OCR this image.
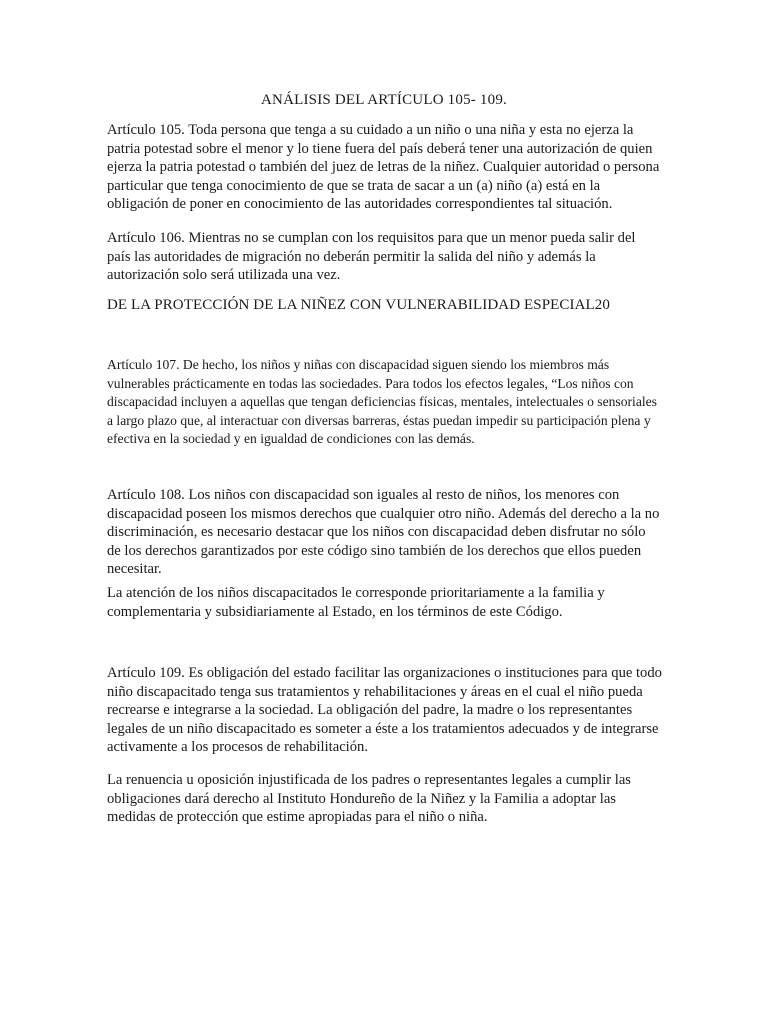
ANÁLISIS DEL ARTÍCULO 105- 109.

Artículo 105. Toda persona que tenga a su cuidado a un niño o una niña y esta no ejerza la patria potestad sobre el menor y lo tiene fuera del país deberá tener una autorización de quien ejerza la patria potestad o también del juez de letras de la niñez. Cualquier autoridad o persona particular que tenga conocimiento de que se trata de sacar a un (a) niño (a) está en la obligación de poner en conocimiento de las autoridades correspondientes tal situación.

Artículo 106. Mientras no se cumplan con los requisitos para que un menor pueda salir del país las autoridades de migración no deberán permitir la salida del niño y además la autorización solo será utilizada una vez.

DE LA PROTECCIÓN DE LA NIÑEZ CON VULNERABILIDAD ESPECIAL20

Artículo 107. De hecho, los niños y niñas con discapacidad siguen siendo los miembros más vulnerables prácticamente en todas las sociedades. Para todos los efectos legales, “Los niños con discapacidad incluyen a aquellas que tengan deficiencias físicas, mentales, intelectuales o sensoriales a largo plazo que, al interactuar con diversas barreras, éstas puedan impedir su participación plena y efectiva en la sociedad y en igualdad de condiciones con las demás.

Artículo 108. Los niños con discapacidad son iguales al resto de niños, los menores con discapacidad poseen los mismos derechos que cualquier otro niño. Además del derecho a la no discriminación, es necesario destacar que los niños con discapacidad deben disfrutar no sólo de los derechos garantizados por este código sino también de los derechos que ellos pueden necesitar.

La atención de los niños discapacitados le corresponde prioritariamente a la familia y complementaria y subsidiariamente al Estado, en los términos de este Código.

Artículo 109. Es obligación del estado facilitar las organizaciones o instituciones para que todo niño discapacitado tenga sus tratamientos y rehabilitaciones y áreas en el cual el niño pueda recrearse e integrarse a la sociedad. La obligación del padre, la madre o los representantes legales de un niño discapacitado es someter a éste a los tratamientos adecuados y de integrarse activamente a los procesos de rehabilitación.

La renuencia u oposición injustificada de los padres o representantes legales a cumplir las obligaciones dará derecho al Instituto Hondureño de la Niñez y la Familia a adoptar las medidas de protección que estime apropiadas para el niño o niña.
